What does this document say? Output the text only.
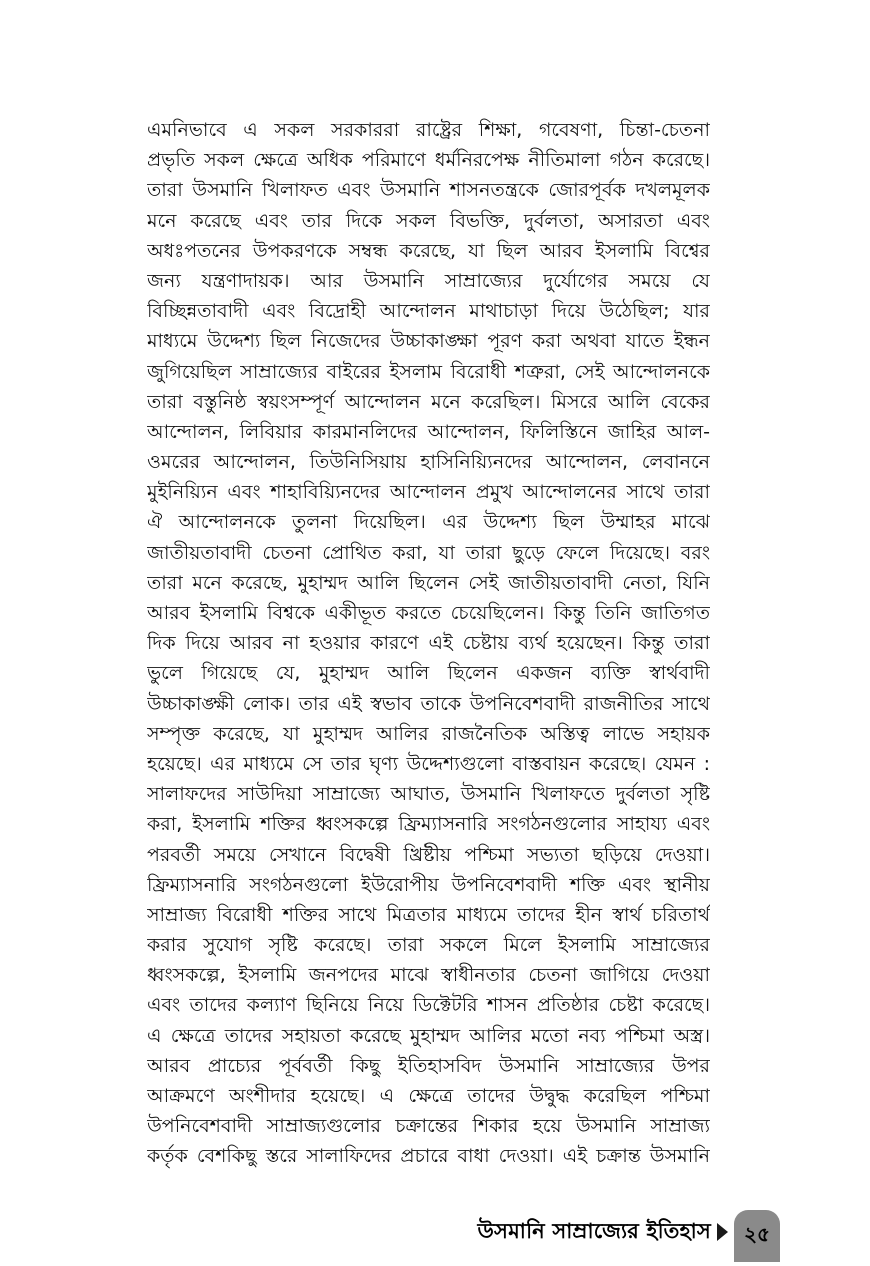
এমনিভাবে এ সকল সরকাররা রাষ্ট্রের শিক্ষা, গবেষণা, চিন্তা-চেতনা
প্রভৃতি সকল ক্ষেত্রে অধিক পরিমাণে ধর্মনিরপেক্ষ নীতিমালা গঠন করেছে।
তারা উসমানি খিলাফত এবং উসমানি শাসনতন্ত্রকে জোরপূর্বক দখলমূলক
মনে করেছে এবং তার দিকে সকল বিভক্তি, দুর্বলতা, অসারতা এবং
অধঃপতনের উপকরণকে সম্বন্ধ করেছে, যা ছিল আরব ইসলামি বিশ্বের
জন্য যন্ত্রণাদায়ক। আর উসমানি সাম্রাজ্যের দুর্যোগের সময়ে যে
বিচ্ছিন্নতাবাদী এবং বিদ্রোহী আন্দোলন মাথাচাড়া দিয়ে উঠেছিল; যার
মাধ্যমে উদ্দেশ্য ছিল নিজেদের উচ্চাকাঙ্ক্ষা পূরণ করা অথবা যাতে ইন্ধন
জুগিয়েছিল সাম্রাজ্যের বাইরের ইসলাম বিরোধী শত্রুরা, সেই আন্দোলনকে
তারা বস্তুনিষ্ঠ স্বয়ংসম্পূর্ণ আন্দোলন মনে করেছিল। মিসরে আলি বেকের
আন্দোলন, লিবিয়ার কারমানলিদের আন্দোলন, ফিলিস্তিনে জাহির আল-
ওমরের আন্দোলন, তিউনিসিয়ায় হাসিনিয়্যিনদের আন্দোলন, লেবাননে
মুইনিয়্যিন এবং শাহাবিয়্যিনদের আন্দোলন প্রমুখ আন্দোলনের সাথে তারা
ঐ আন্দোলনকে তুলনা দিয়েছিল। এর উদ্দেশ্য ছিল উম্মাহর মাঝে
জাতীয়তাবাদী চেতনা প্রোথিত করা, যা তারা ছুড়ে ফেলে দিয়েছে। বরং
তারা মনে করেছে, মুহাম্মদ আলি ছিলেন সেই জাতীয়তাবাদী নেতা, যিনি
আরব ইসলামি বিশ্বকে একীভূত করতে চেয়েছিলেন। কিন্তু তিনি জাতিগত
দিক দিয়ে আরব না হওয়ার কারণে এই চেষ্টায় ব্যর্থ হয়েছেন। কিন্তু তারা
ভুলে গিয়েছে যে, মুহাম্মদ আলি ছিলেন একজন ব্যক্তি স্বার্থবাদী
উচ্চাকাঙ্ক্ষী লোক। তার এই স্বভাব তাকে উপনিবেশবাদী রাজনীতির সাথে
সম্পৃক্ত করেছে, যা মুহাম্মদ আলির রাজনৈতিক অস্তিত্ব লাভে সহায়ক
হয়েছে। এর মাধ্যমে সে তার ঘৃণ্য উদ্দেশ্যগুলো বাস্তবায়ন করেছে। যেমন :
সালাফদের সাউদিয়া সাম্রাজ্যে আঘাত, উসমানি খিলাফতে দুর্বলতা সৃষ্টি
করা, ইসলামি শক্তির ধ্বংসকল্পে ফ্রিম্যাসনারি সংগঠনগুলোর সাহায্য এবং
পরবর্তী সময়ে সেখানে বিদ্বেষী খ্রিষ্টীয় পশ্চিমা সভ্যতা ছড়িয়ে দেওয়া।
ফ্রিম্যাসনারি সংগঠনগুলো ইউরোপীয় উপনিবেশবাদী শক্তি এবং স্থানীয়
সাম্রাজ্য বিরোধী শক্তির সাথে মিত্রতার মাধ্যমে তাদের হীন স্বার্থ চরিতার্থ
করার সুযোগ সৃষ্টি করেছে। তারা সকলে মিলে ইসলামি সাম্রাজ্যের
ধ্বংসকল্পে, ইসলামি জনপদের মাঝে স্বাধীনতার চেতনা জাগিয়ে দেওয়া
এবং তাদের কল্যাণ ছিনিয়ে নিয়ে ডিক্টেটরি শাসন প্রতিষ্ঠার চেষ্টা করেছে।
এ ক্ষেত্রে তাদের সহায়তা করেছে মুহাম্মদ আলির মতো নব্য পশ্চিমা অস্ত্র।
আরব প্রাচ্যের পূর্ববর্তী কিছু ইতিহাসবিদ উসমানি সাম্রাজ্যের উপর
আক্রমণে অংশীদার হয়েছে। এ ক্ষেত্রে তাদের উদ্বুদ্ধ করেছিল পশ্চিমা
উপনিবেশবাদী সাম্রাজ্যগুলোর চক্রান্তের শিকার হয়ে উসমানি সাম্রাজ্য
কর্তৃক বেশকিছু স্তরে সালাফিদের প্রচারে বাধা দেওয়া। এই চক্রান্ত উসমানি
উসমানি সাম্রাজ্যের ইতিহাস ২৫
